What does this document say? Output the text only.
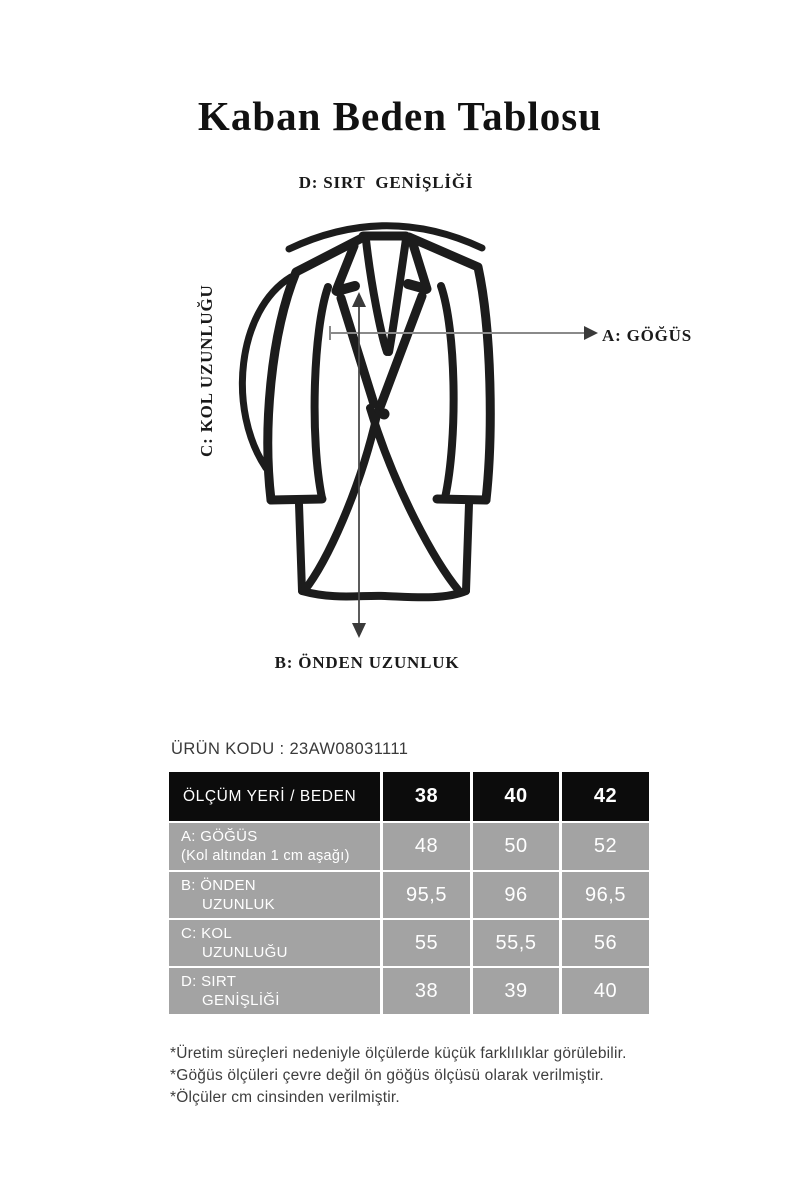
Kaban Beden Tablosu
D: SIRT  GENİŞLİĞİ
A: GÖĞÜS
C: KOL UZUNLUĞU
B: ÖNDEN UZUNLUK
ÜRÜN KODU : 23AW08031111
ÖLÇÜM YERİ / BEDEN	38	40	42
A: GÖĞÜS
(Kol altından 1 cm aşağı)	48	50	52
B: ÖNDEN
UZUNLUK	95,5	96	96,5
C: KOL
UZUNLUĞU	55	55,5	56
D: SIRT
GENİŞLİĞİ	38	39	40
*Üretim süreçleri nedeniyle ölçülerde küçük farklılıklar görülebilir.
*Göğüs ölçüleri çevre değil ön göğüs ölçüsü olarak verilmiştir.
*Ölçüler cm cinsinden verilmiştir.
